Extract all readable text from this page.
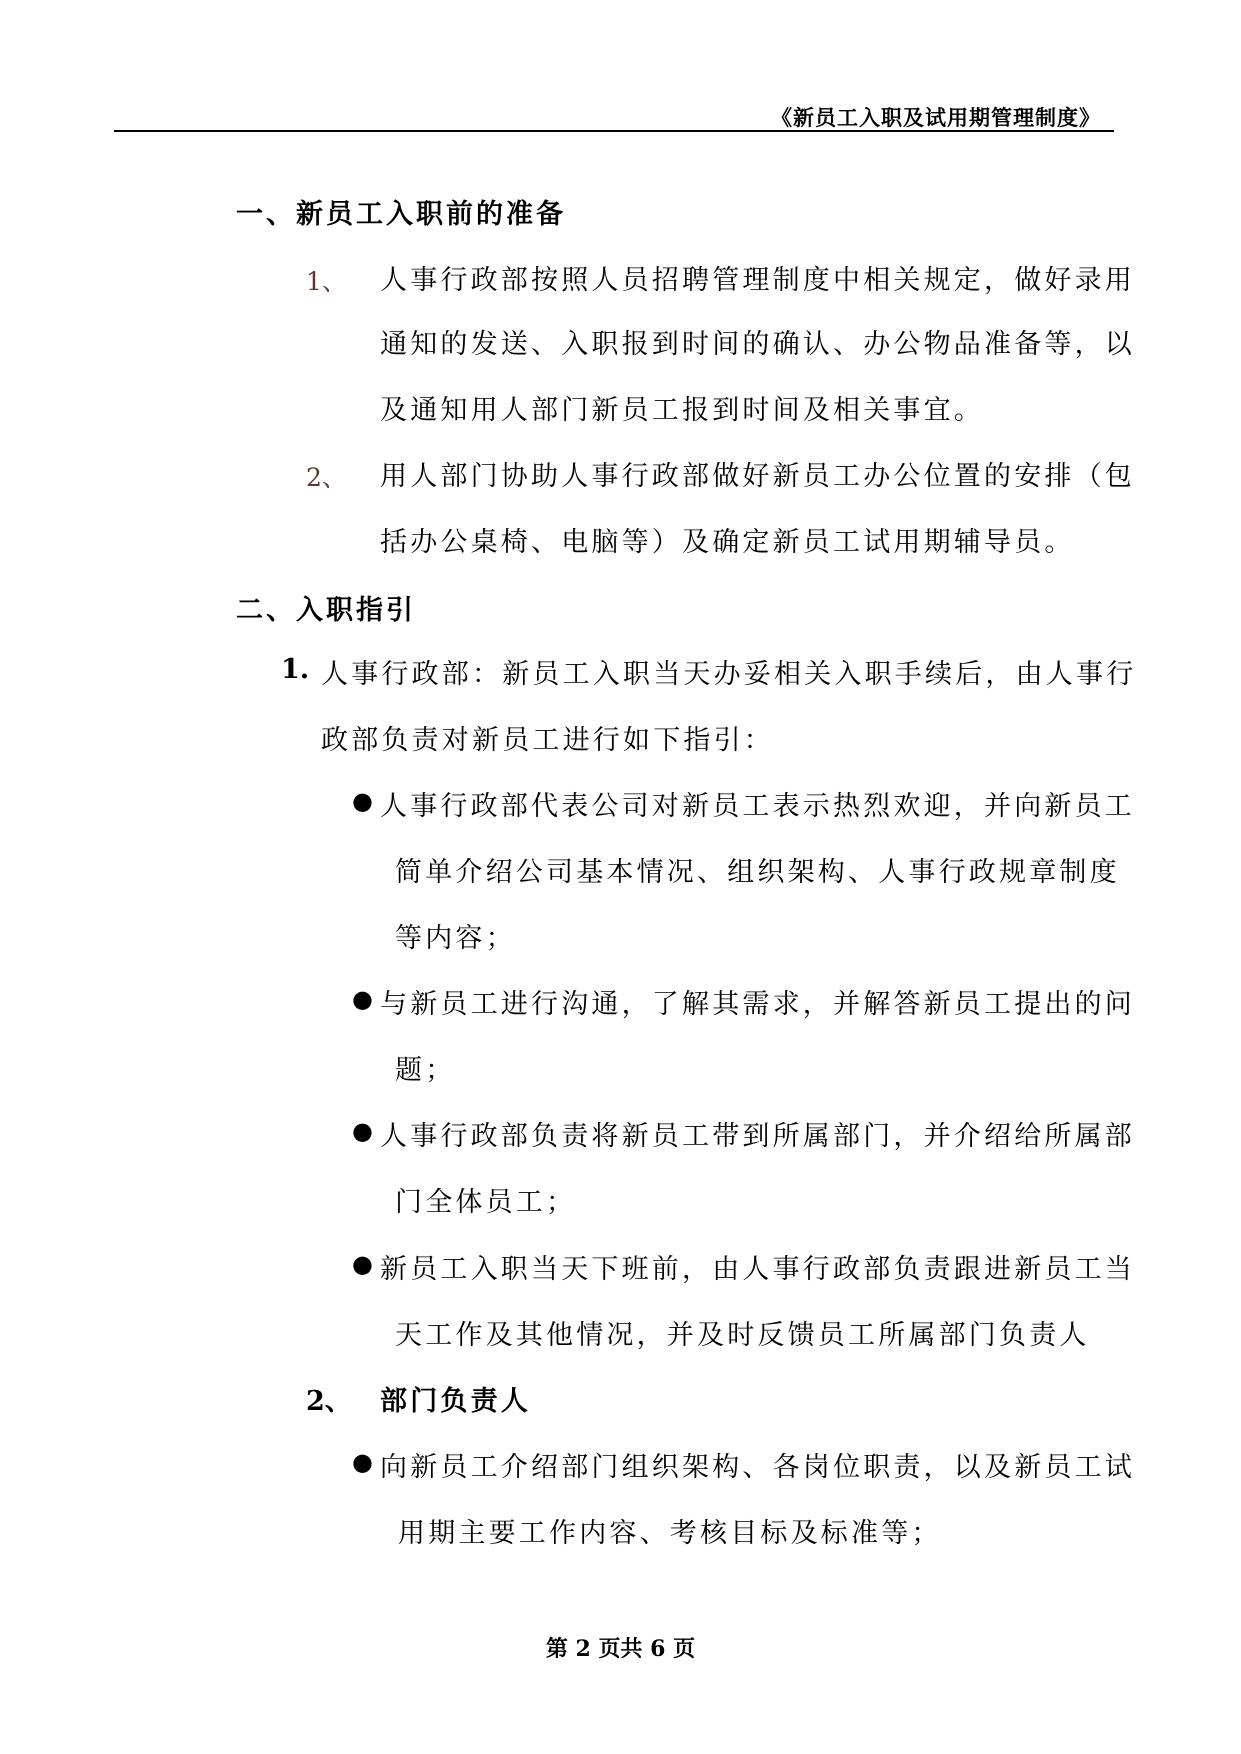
《新员工入职及试用期管理制度》
一、新员工入职前的准备
1、 人事行政部按照人员招聘管理制度中相关规定，做好录用
通知的发送、入职报到时间的确认、办公物品准备等，以
及通知用人部门新员工报到时间及相关事宜。
2、 用人部门协助人事行政部做好新员工办公位置的安排（包
括办公桌椅、电脑等）及确定新员工试用期辅导员。
二、入职指引
1. 人事行政部：新员工入职当天办妥相关入职手续后，由人事行
政部负责对新员工进行如下指引：
● 人事行政部代表公司对新员工表示热烈欢迎，并向新员工
简单介绍公司基本情况、组织架构、人事行政规章制度
等内容；
● 与新员工进行沟通，了解其需求，并解答新员工提出的问
题；
● 人事行政部负责将新员工带到所属部门，并介绍给所属部
门全体员工；
● 新员工入职当天下班前，由人事行政部负责跟进新员工当
天工作及其他情况，并及时反馈员工所属部门负责人
2、 部门负责人
● 向新员工介绍部门组织架构、各岗位职责，以及新员工试
用期主要工作内容、考核目标及标准等；
第 2 页共 6 页
